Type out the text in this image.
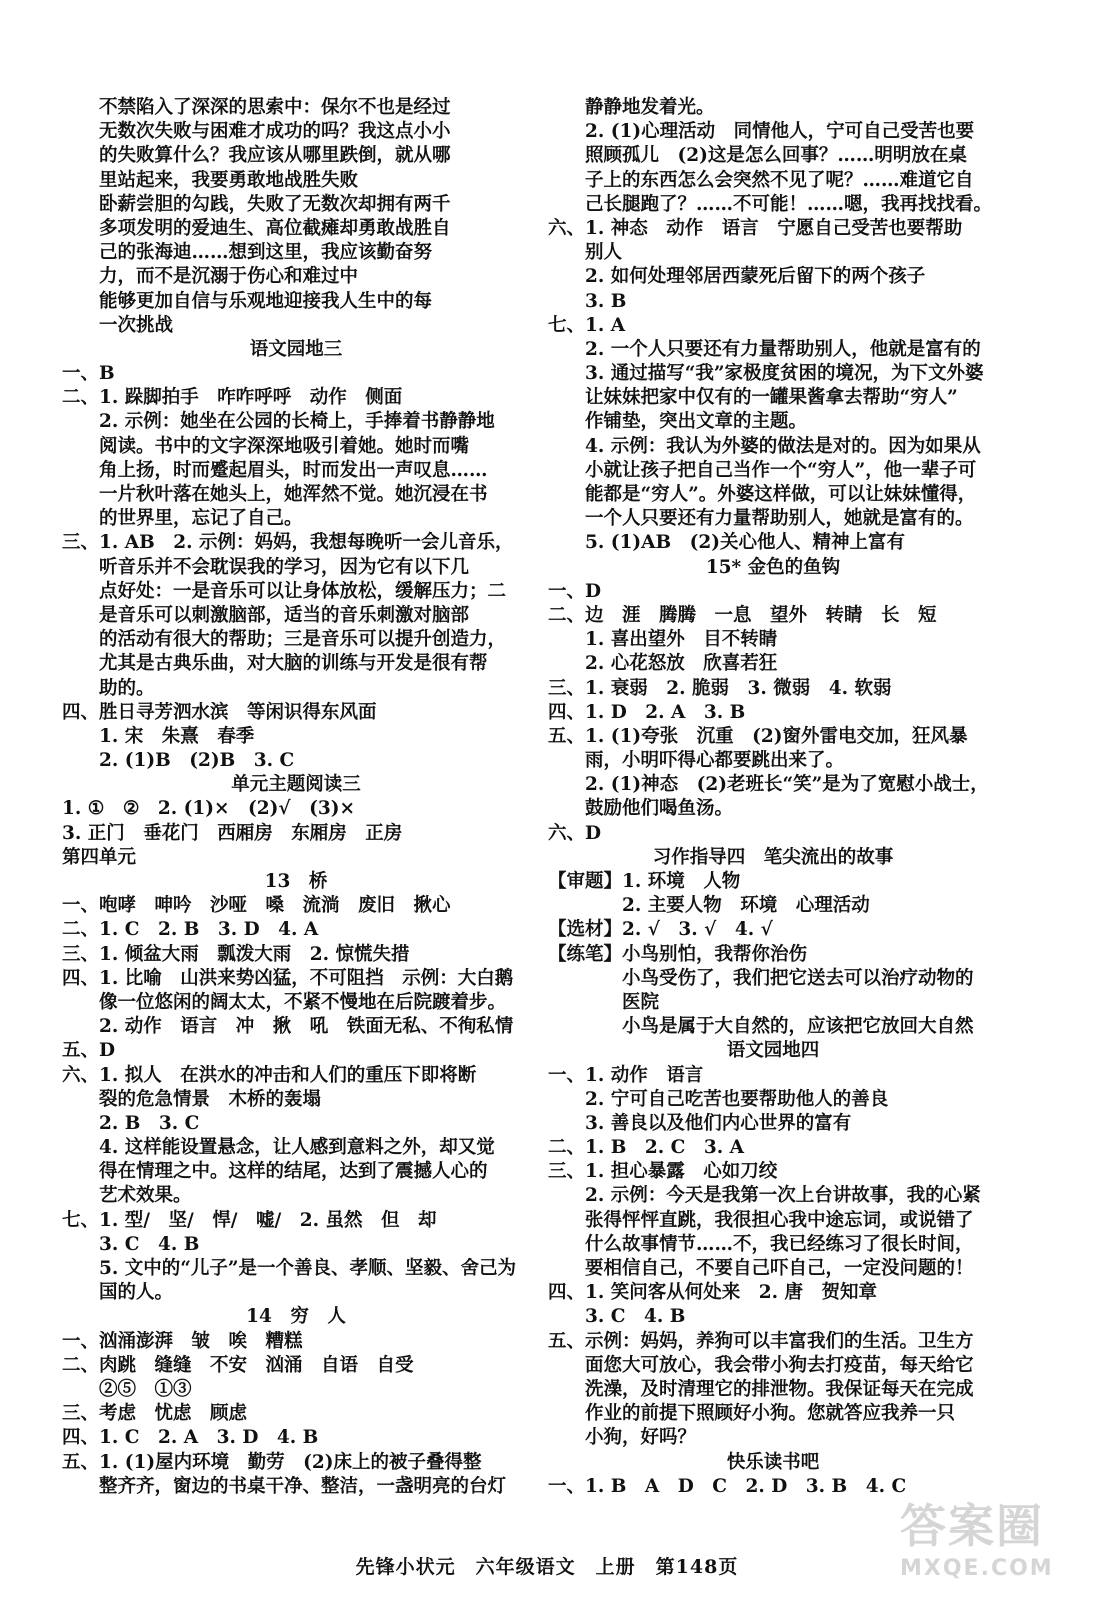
　　不禁陷入了深深的思索中：保尔不也是经过
　　无数次失败与困难才成功的吗？我这点小小
　　的失败算什么？我应该从哪里跌倒，就从哪
　　里站起来，我要勇敢地战胜失败
　　卧薪尝胆的勾践，失败了无数次却拥有两千
　　多项发明的爱迪生、高位截瘫却勇敢战胜自
　　己的张海迪……想到这里，我应该勤奋努
　　力，而不是沉溺于伤心和难过中
　　能够更加自信与乐观地迎接我人生中的每
　　一次挑战
语文园地三
一、B
二、1. 跺脚拍手　咋咋呼呼　动作　侧面
　　2. 示例：她坐在公园的长椅上，手捧着书静静地
　　阅读。书中的文字深深地吸引着她。她时而嘴
　　角上扬，时而蹙起眉头，时而发出一声叹息……
　　一片秋叶落在她头上，她浑然不觉。她沉浸在书
　　的世界里，忘记了自己。
三、1. AB　2. 示例：妈妈，我想每晚听一会儿音乐，
　　听音乐并不会耽误我的学习，因为它有以下几
　　点好处：一是音乐可以让身体放松，缓解压力；二
　　是音乐可以刺激脑部，适当的音乐刺激对脑部
　　的活动有很大的帮助；三是音乐可以提升创造力，
　　尤其是古典乐曲，对大脑的训练与开发是很有帮
　　助的。
四、胜日寻芳泗水滨　等闲识得东风面
　　1. 宋　朱熹　春季
　　2. (1)B　(2)B　3. C
单元主题阅读三
1. ①　②　2. (1)×　(2)√　(3)×
3. 正门　垂花门　西厢房　东厢房　正房
第四单元
13　桥
一、咆哮　呻吟　沙哑　嗓　流淌　废旧　揪心
二、1. C　2. B　3. D　4. A
三、1. 倾盆大雨　瓢泼大雨　2. 惊慌失措
四、1. 比喻　山洪来势凶猛，不可阻挡　示例：大白鹅
　　像一位悠闲的阔太太，不紧不慢地在后院踱着步。
　　2. 动作　语言　冲　揪　吼　铁面无私、不徇私情
五、D
六、1. 拟人　在洪水的冲击和人们的重压下即将断
　　裂的危急情景　木桥的轰塌
　　2. B　3. C
　　4. 这样能设置悬念，让人感到意料之外，却又觉
　　得在情理之中。这样的结尾，达到了震撼人心的
　　艺术效果。
七、1. 型/　坚/　悍/　嘘/　2. 虽然　但　却
　　3. C　4. B
　　5. 文中的“儿子”是一个善良、孝顺、坚毅、舍己为
　　国的人。
14　穷　人
一、汹涌澎湃　皱　唉　糟糕
二、肉跳　缝缝　不安　汹涌　自语　自受
　　②⑤　①③
三、考虑　忧虑　顾虑
四、1. C　2. A　3. D　4. B
五、1. (1)屋内环境　勤劳　(2)床上的被子叠得整
　　整齐齐，窗边的书桌干净、整洁，一盏明亮的台灯
　　静静地发着光。
　　2. (1)心理活动　同情他人，宁可自己受苦也要
　　照顾孤儿　(2)这是怎么回事？……明明放在桌
　　子上的东西怎么会突然不见了呢？……难道它自
　　己长腿跑了？……不可能！……嗯，我再找找看。
六、1. 神态　动作　语言　宁愿自己受苦也要帮助
　　别人
　　2. 如何处理邻居西蒙死后留下的两个孩子
　　3. B
七、1. A
　　2. 一个人只要还有力量帮助别人，他就是富有的
　　3. 通过描写“我”家极度贫困的境况，为下文外婆
　　让妹妹把家中仅有的一罐果酱拿去帮助“穷人”
　　作铺垫，突出文章的主题。
　　4. 示例：我认为外婆的做法是对的。因为如果从
　　小就让孩子把自己当作一个“穷人”，他一辈子可
　　能都是“穷人”。外婆这样做，可以让妹妹懂得，
　　一个人只要还有力量帮助别人，她就是富有的。
　　5. (1)AB　(2)关心他人、精神上富有
15* 金色的鱼钩
一、D
二、边　涯　腾腾　一息　望外　转睛　长　短
　　1. 喜出望外　目不转睛
　　2. 心花怒放　欣喜若狂
三、1. 衰弱　2. 脆弱　3. 微弱　4. 软弱
四、1. D　2. A　3. B
五、1. (1)夸张　沉重　(2)窗外雷电交加，狂风暴
　　雨，小明吓得心都要跳出来了。
　　2. (1)神态　(2)老班长“笑”是为了宽慰小战士，
　　鼓励他们喝鱼汤。
六、D
习作指导四　笔尖流出的故事
【审题】1. 环境　人物
　　　　2. 主要人物　环境　心理活动
【选材】2. √　3. √　4. √
【练笔】小鸟别怕，我帮你治伤
　　　　小鸟受伤了，我们把它送去可以治疗动物的
　　　　医院
　　　　小鸟是属于大自然的，应该把它放回大自然
语文园地四
一、1. 动作　语言
　　2. 宁可自己吃苦也要帮助他人的善良
　　3. 善良以及他们内心世界的富有
二、1. B　2. C　3. A
三、1. 担心暴露　心如刀绞
　　2. 示例：今天是我第一次上台讲故事，我的心紧
　　张得怦怦直跳，我很担心我中途忘词，或说错了
　　什么故事情节……不，我已经练习了很长时间，
　　要相信自己，不要自己吓自己，一定没问题的！
四、1. 笑问客从何处来　2. 唐　贺知章
　　3. C　4. B
五、示例：妈妈，养狗可以丰富我们的生活。卫生方
　　面您大可放心，我会带小狗去打疫苗，每天给它
　　洗澡，及时清理它的排泄物。我保证每天在完成
　　作业的前提下照顾好小狗。您就答应我养一只
　　小狗，好吗？
快乐读书吧
一、1. B　A　D　C　2. D　3. B　4. C
先锋小状元　六年级语文　上册　第148页
答案圈
MXQE.COM
